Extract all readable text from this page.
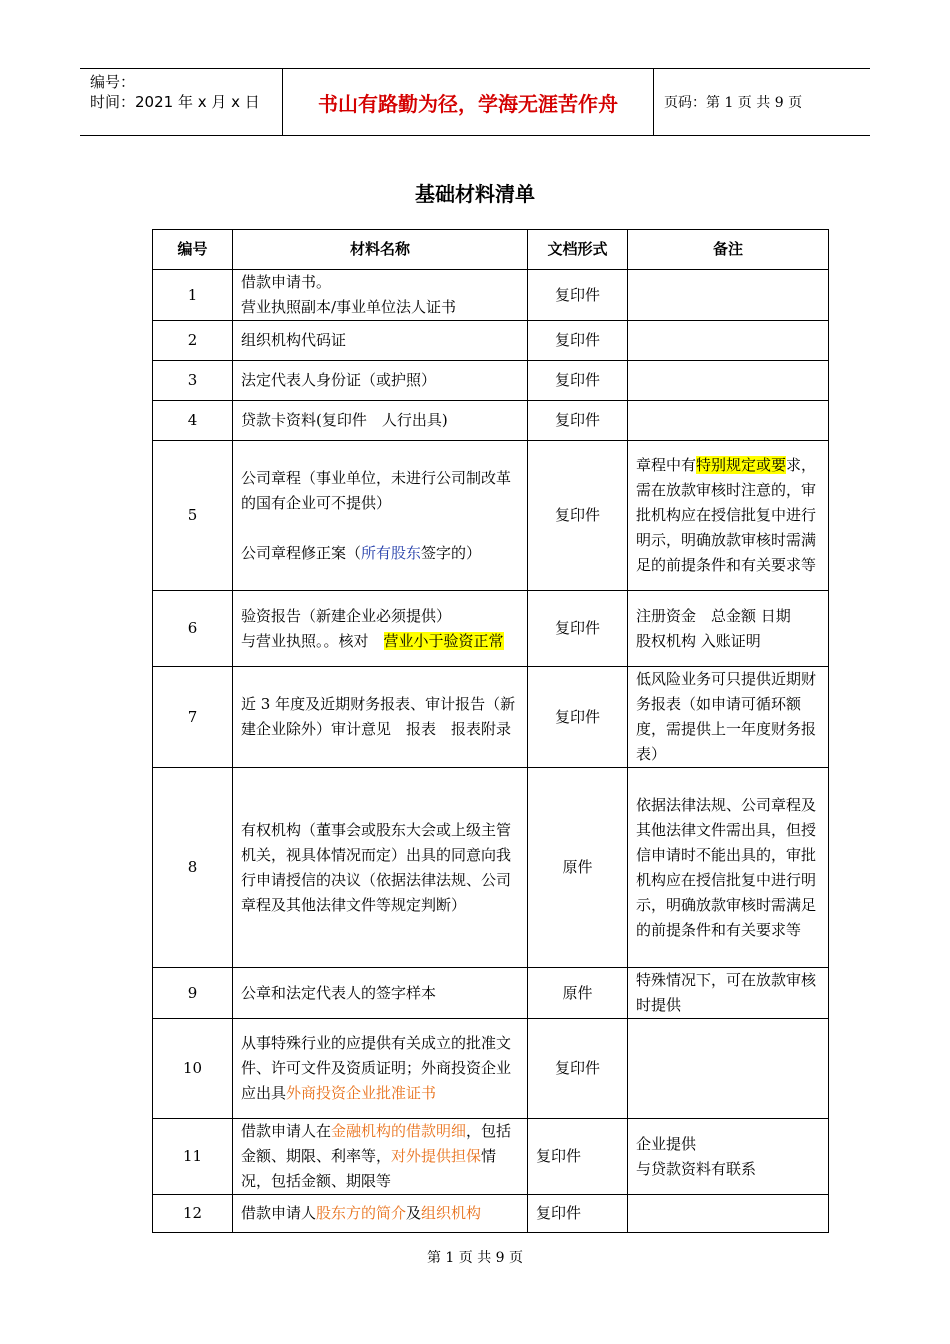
编号：
时间：2021 年 x 月 x 日	书山有路勤为径，学海无涯苦作舟	页码：第 1 页 共 9 页
基础材料清单
编号	材料名称	文档形式	备注
1	借款申请书。
营业执照副本/事业单位法人证书	复印件	
2	组织机构代码证	复印件	
3	法定代表人身份证（或护照）	复印件	
4	贷款卡资料(复印件　人行出具)	复印件	
5	公司章程（事业单位，未进行公司制改革的国有企业可不提供）
公司章程修正案（所有股东签字的）	复印件	章程中有特别规定或要求，需在放款审核时注意的，审批机构应在授信批复中进行明示，明确放款审核时需满足的前提条件和有关要求等
6	验资报告（新建企业必须提供）
与营业执照。。核对　营业小于验资正常	复印件	注册资金　总金额 日期
股权机构 入账证明

7	近 3 年度及近期财务报表、审计报告（新建企业除外）审计意见　报表　报表附录	复印件	低风险业务可只提供近期财务报表（如申请可循环额度，需提供上一年度财务报表）
8	有权机构（董事会或股东大会或上级主管机关，视具体情况而定）出具的同意向我行申请授信的决议（依据法律法规、公司章程及其他法律文件等规定判断）	原件	依据法律法规、公司章程及其他法律文件需出具，但授信申请时不能出具的，审批机构应在授信批复中进行明示，明确放款审核时需满足的前提条件和有关要求等
9	公章和法定代表人的签字样本	原件	特殊情况下，可在放款审核时提供
10	从事特殊行业的应提供有关成立的批准文件、许可文件及资质证明；外商投资企业应出具外商投资企业批准证书	复印件	
11	借款申请人在金融机构的借款明细，包括金额、期限、利率等，对外提供担保情况，包括金额、期限等	复印件	企业提供
与贷款资料有联系

12	借款申请人股东方的简介及组织机构	复印件	
第 1 页 共 9 页
